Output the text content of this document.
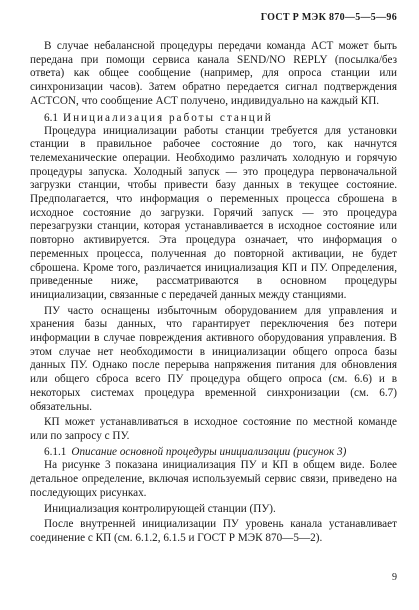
ГОСТ Р МЭК 870—5—5—96

В случае небалансной процедуры передачи команда ACT может быть передана при помощи сервиса канала SEND/NO REPLY (посылка/без ответа) как общее сообщение (например, для опроса станции или синхронизации часов). Затем обратно передается сигнал подтверждения ACTCON, что сообщение ACT получено, индивидуально на каждый КП.

6.1 Инициализация работы станций

Процедура инициализации работы станции требуется для установки станции в правильное рабочее состояние до того, как начнутся телемеханические операции. Необходимо различать холодную и горячую процедуры запуска. Холодный запуск — это процедура первоначальной загрузки станции, чтобы привести базу данных в текущее состояние. Предполагается, что информация о переменных процесса сброшена в исходное состояние до загрузки. Горячий запуск — это процедура перезагрузки станции, которая устанавливается в исходное состояние или повторно активируется. Эта процедура означает, что информация о переменных процесса, полученная до повторной активации, не будет сброшена. Кроме того, различается инициализация КП и ПУ. Определения, приведенные ниже, рассматриваются в основном процедуры инициализации, связанные с передачей данных между станциями.

ПУ часто оснащены избыточным оборудованием для управления и хранения базы данных, что гарантирует переключения без потери информации в случае повреждения активного оборудования управления. В этом случае нет необходимости в инициализации общего опроса базы данных ПУ. Однако после перерыва напряжения питания для обновления или общего сброса всего ПУ процедура общего опроса (см. 6.6) и в некоторых системах процедура временной синхронизации (см. 6.7) обязательны.

КП может устанавливаться в исходное состояние по местной команде или по запросу с ПУ.

6.1.1 Описание основной процедуры инициализации (рисунок 3)

На рисунке 3 показана инициализация ПУ и КП в общем виде. Более детальное определение, включая используемый сервис связи, приведено на последующих рисунках.

Инициализация контролирующей станции (ПУ).

После внутренней инициализации ПУ уровень канала устанавливает соединение с КП (см. 6.1.2, 6.1.5 и ГОСТ Р МЭК 870—5—2).

9
